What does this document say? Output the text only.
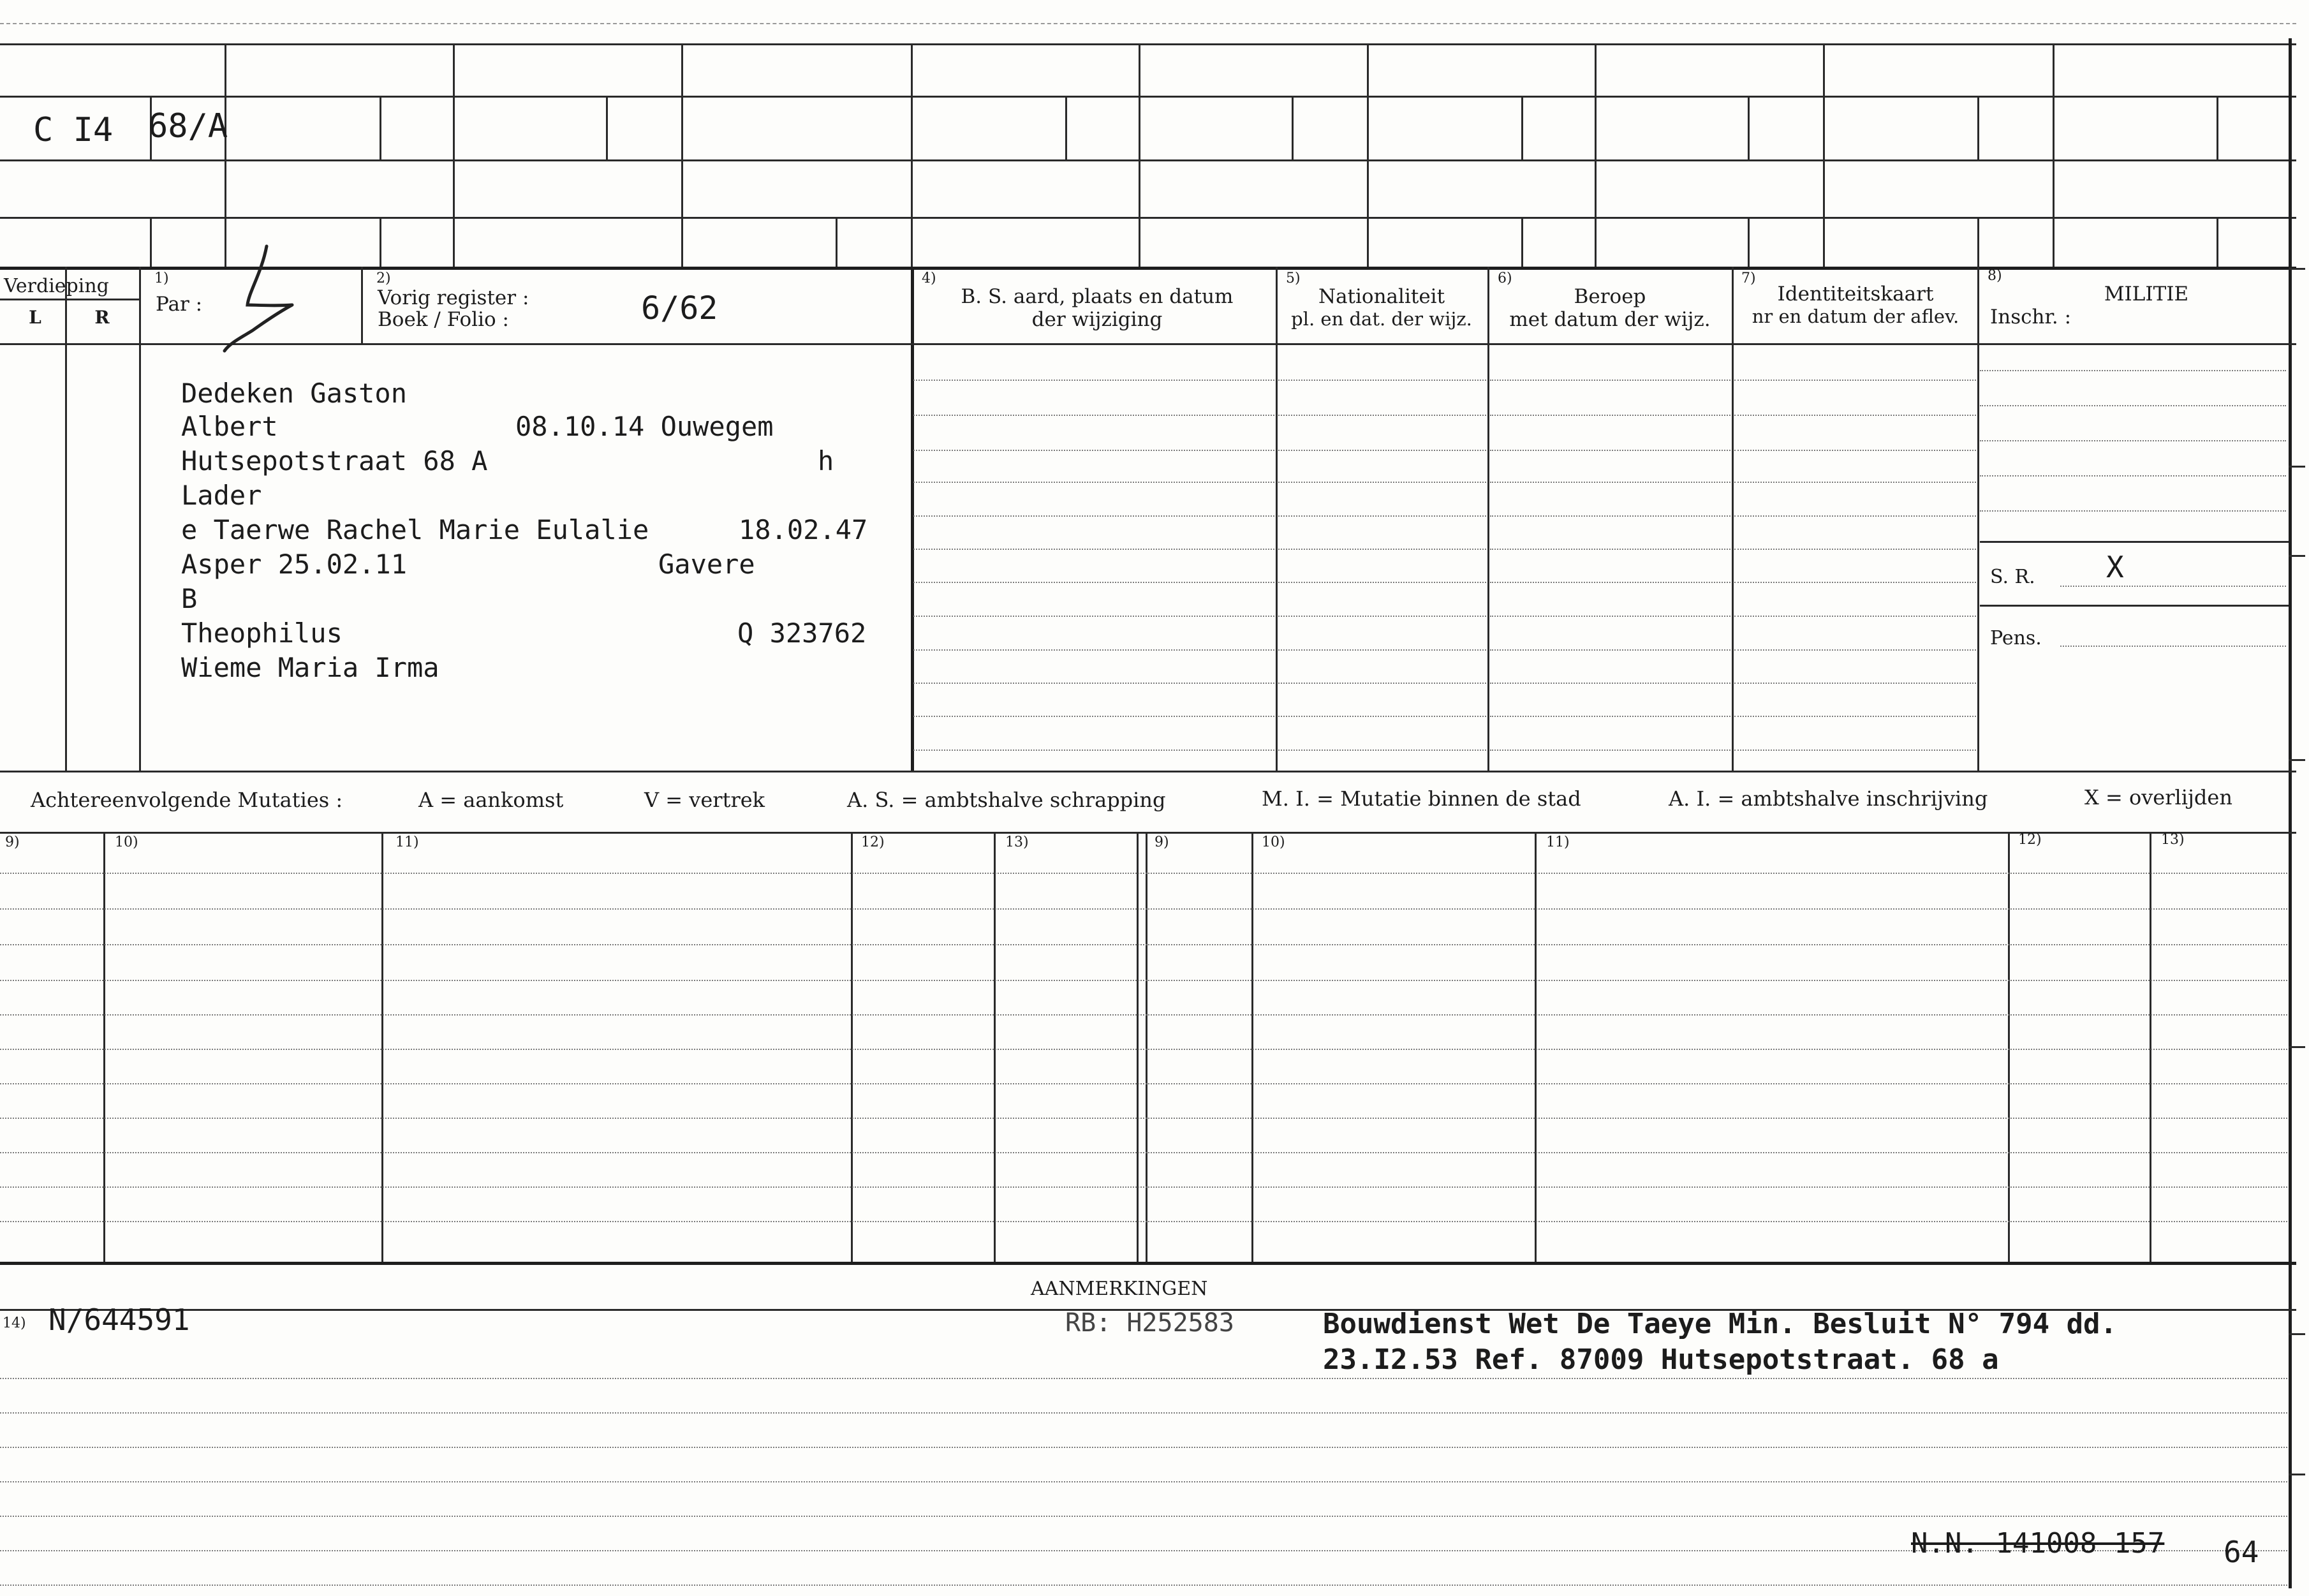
C I4 68/A
Verdieping
L	R
1)
Par :
2)
Vorig register :
Boek / Folio :	6/62
4)
B. S. aard, plaats en datum
der wijziging
5)
Nationaliteit
pl. en dat. der wijz.
6)
Beroep
met datum der wijz.
7)
Identiteitskaart
nr en datum der aflev.
8)
MILITIE
Inschr. :
S. R. X
Pens.
Dedeken Gaston
Albert	08.10.14 Ouwegem
Hutsepotstraat 68 A	h
Lader
e Taerwe Rachel Marie Eulalie	18.02.47
Asper 25.02.11	Gavere
B
Theophilus	Q 323762
Wieme Maria Irma
Achtereenvolgende Mutaties :	A = aankomst	V = vertrek	A. S. = ambtshalve schrapping	M. I. = Mutatie binnen de stad	A. I. = ambtshalve inschrijving	X = overlijden
9)	10)	11)	12)	13)	9)	10)	11)	12)	13)
AANMERKINGEN
14) N/644591	RB: H252583	Bouwdienst Wet De Taeye Min. Besluit N° 794 dd.
23.I2.53 Ref. 87009 Hutsepotstraat. 68 a
N.N. 141008 157 64
